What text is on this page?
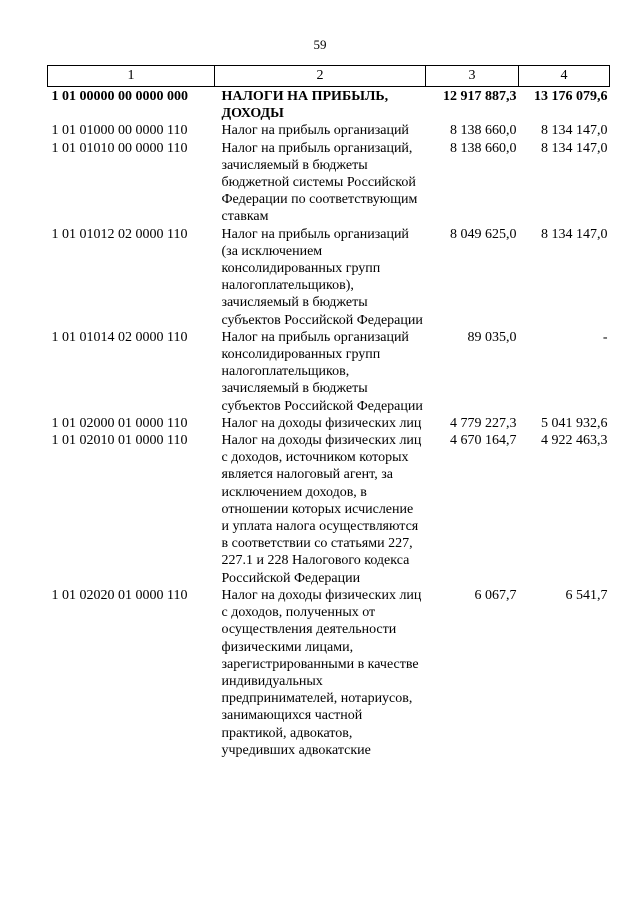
59
1	2	3	4
1 01 00000 00 0000 000	НАЛОГИ НА ПРИБЫЛЬ, ДОХОДЫ	12 917 887,3	13 176 079,6
1 01 01000 00 0000 110	Налог на прибыль организаций	8 138 660,0	8 134 147,0
1 01 01010 00 0000 110	Налог на прибыль организаций, зачисляемый в бюджеты бюджетной системы Российской Федерации по соответствующим ставкам	8 138 660,0	8 134 147,0
1 01 01012 02 0000 110	Налог на прибыль организаций (за исключением консолидированных групп налогоплательщиков), зачисляемый в бюджеты субъектов Российской Федерации	8 049 625,0	8 134 147,0
1 01 01014 02 0000 110	Налог на прибыль организаций консолидированных групп налогоплательщиков, зачисляемый в бюджеты субъектов Российской Федерации	89 035,0	-
1 01 02000 01 0000 110	Налог на доходы физических лиц	4 779 227,3	5 041 932,6
1 01 02010 01 0000 110	Налог на доходы физических лиц с доходов, источником которых является налоговый агент, за исключением доходов, в отношении которых исчисление и уплата налога осуществляются в соответствии со статьями 227, 227.1 и 228 Налогового кодекса Российской Федерации	4 670 164,7	4 922 463,3
1 01 02020 01 0000 110	Налог на доходы физических лиц с доходов, полученных от осуществления деятельности физическими лицами, зарегистрированными в качестве индивидуальных предпринимателей, нотариусов, занимающихся частной практикой, адвокатов, учредивших адвокатские	6 067,7	6 541,7
